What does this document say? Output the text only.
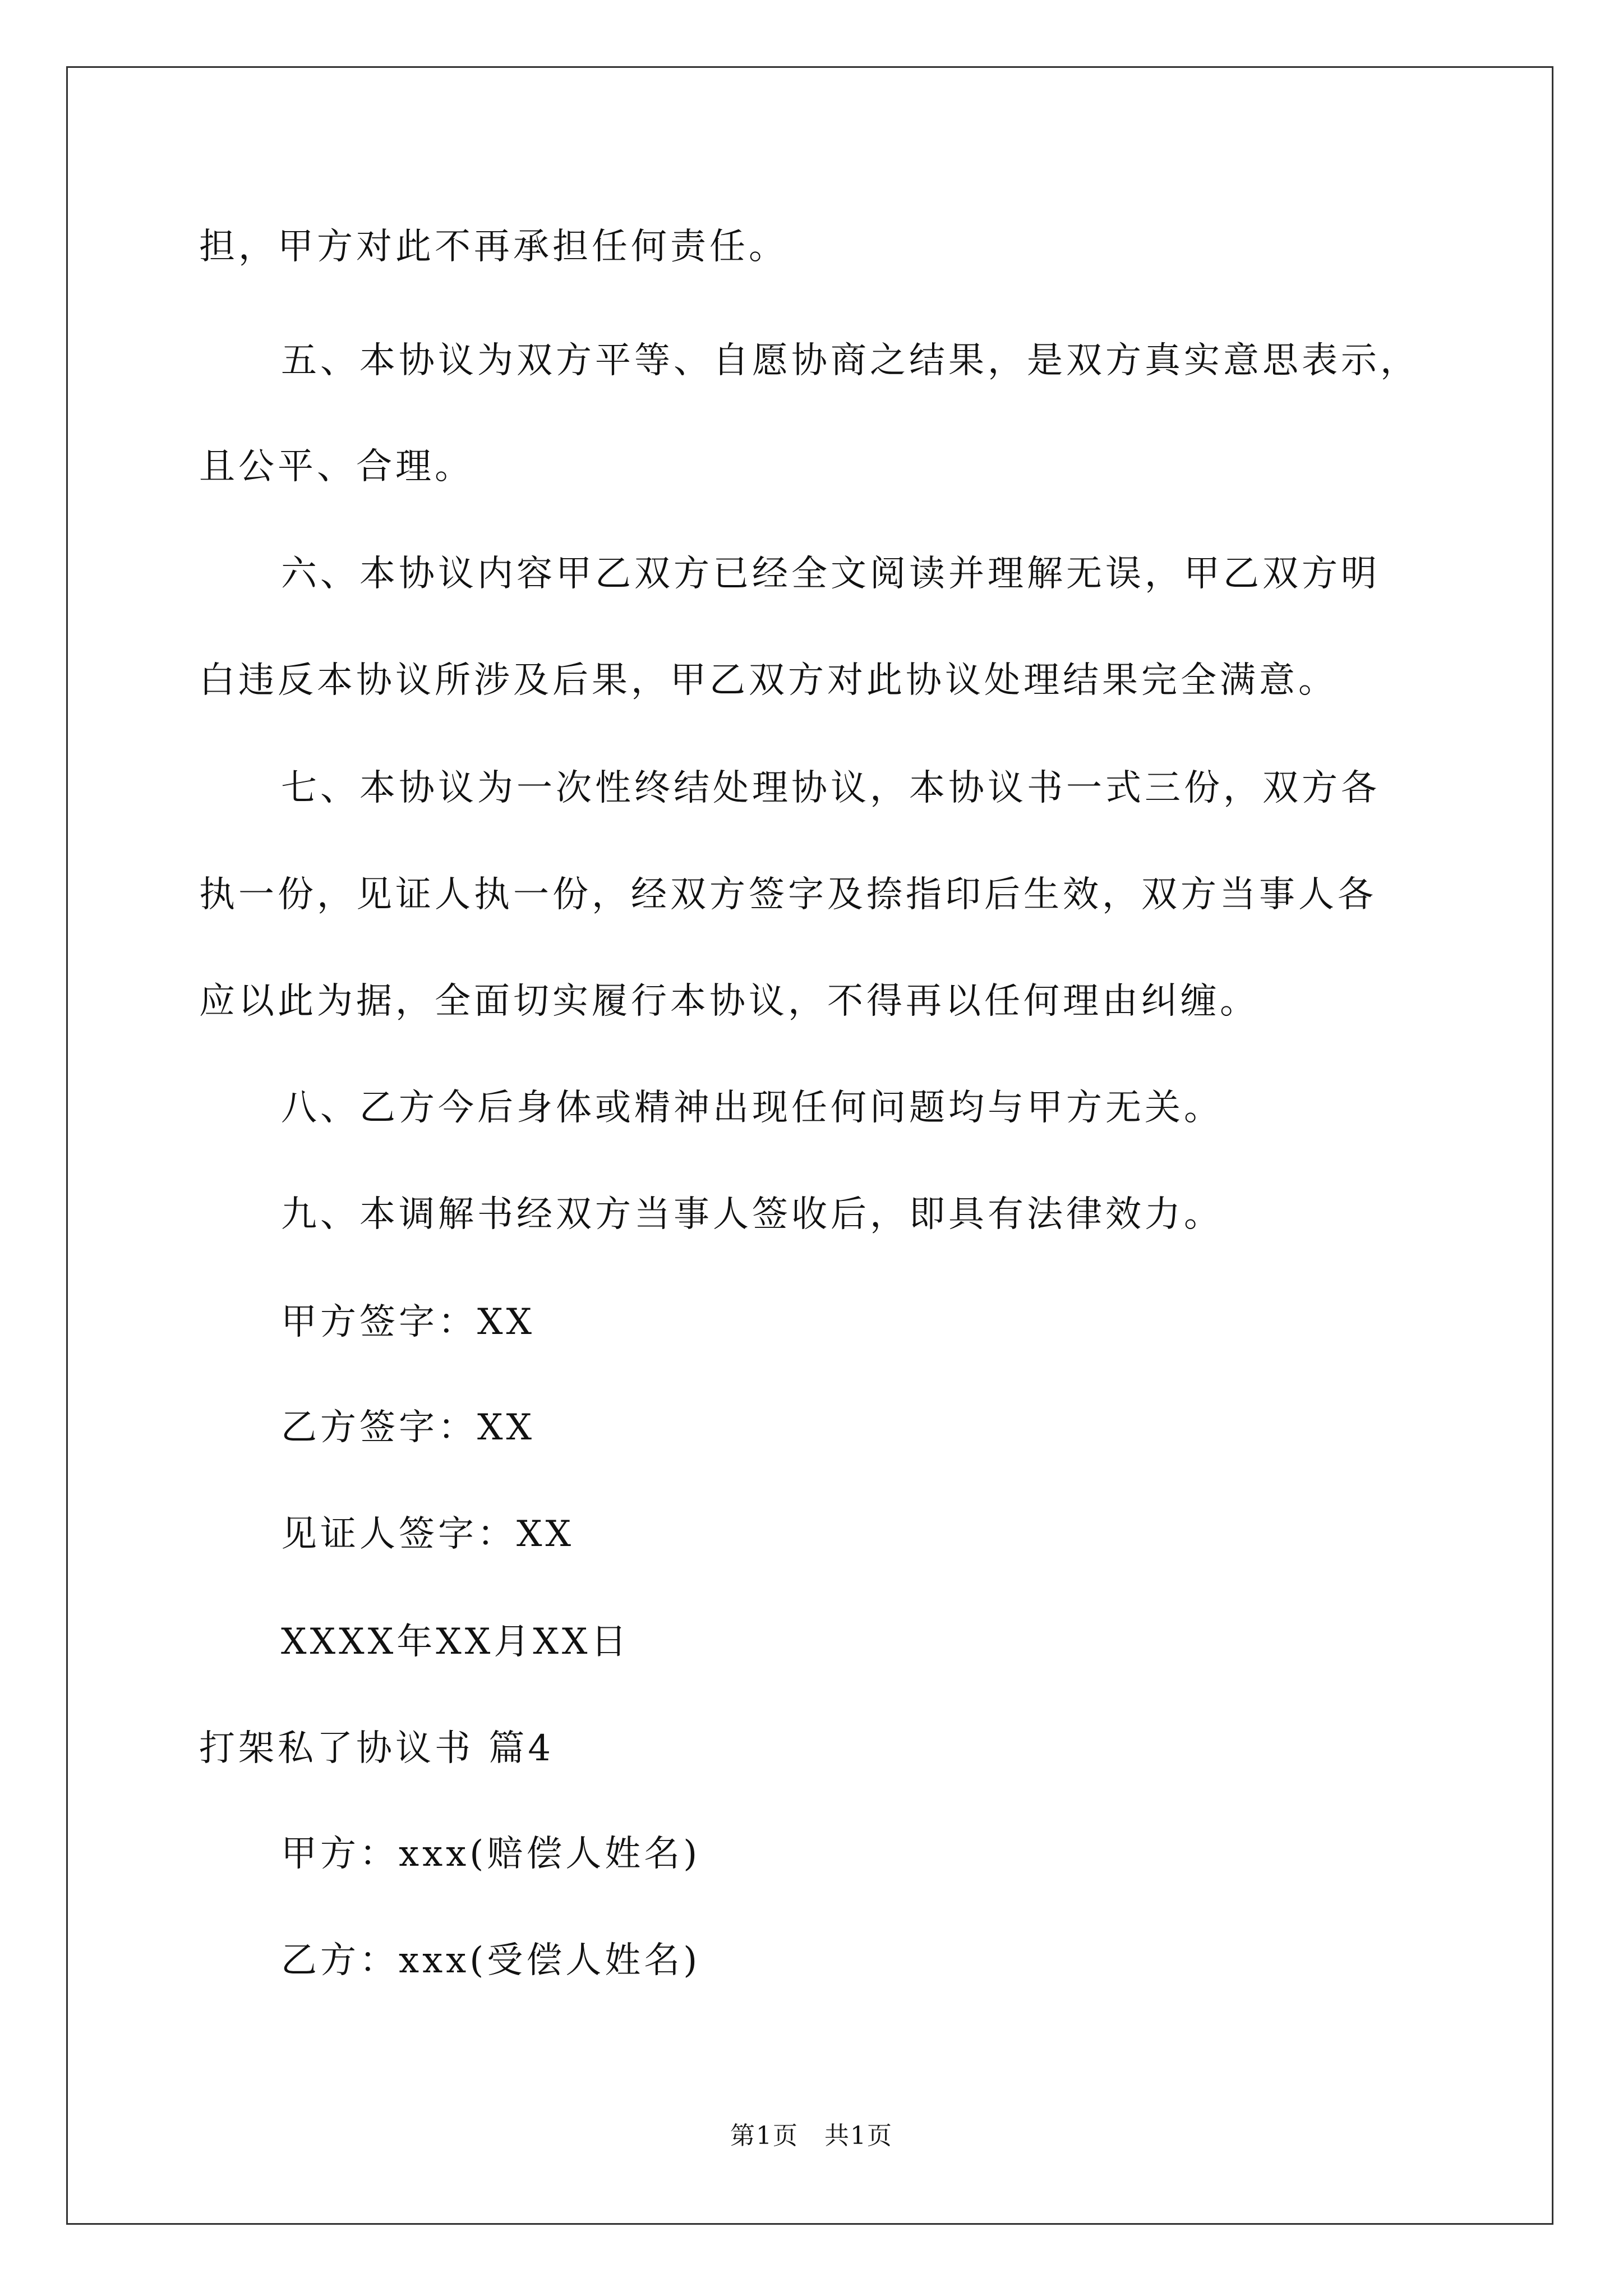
担，甲方对此不再承担任何责任。

五、本协议为双方平等、自愿协商之结果，是双方真实意思表示，

且公平、合理。

六、本协议内容甲乙双方已经全文阅读并理解无误，甲乙双方明

白违反本协议所涉及后果，甲乙双方对此协议处理结果完全满意。

七、本协议为一次性终结处理协议，本协议书一式三份，双方各

执一份，见证人执一份，经双方签字及捺指印后生效，双方当事人各

应以此为据，全面切实履行本协议，不得再以任何理由纠缠。

八、乙方今后身体或精神出现任何问题均与甲方无关。

九、本调解书经双方当事人签收后，即具有法律效力。

甲方签字：XX

乙方签字：XX

见证人签字：XX

XXXX年XX月XX日

打架私了协议书 篇4

甲方：xxx(赔偿人姓名)

乙方：xxx(受偿人姓名)

第1页　共1页
